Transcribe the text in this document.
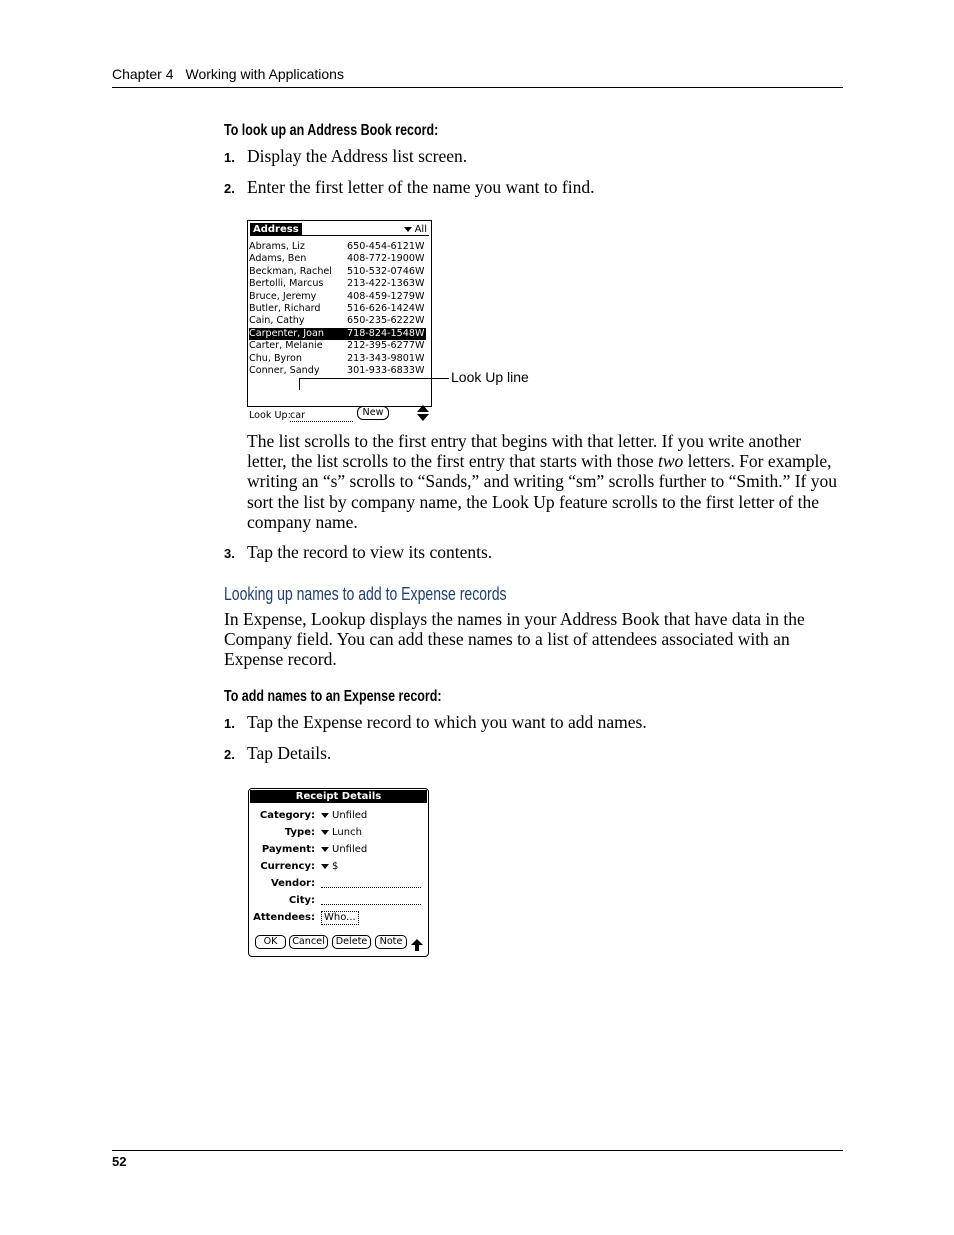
Chapter 4 Working with Applications
To look up an Address Book record:
1. Display the Address list screen.
2. Enter the first letter of the name you want to find.
Address	All
Abrams, Liz	650-454-6121 W
Adams, Ben	408-772-1900 W
Beckman, Rachel 510-532-0746 W
Bertolli, Marcus 213-422-1363 W
Bruce, Jeremy	408-459-1279 W
Butler, Richard	516-626-1424 W
Cain, Cathy	650-235-6222 W
Carpenter, Joan 718-824-1548 W
Carter, Melanie	212-395-6277 W
Chu, Byron	213-343-9801 W
Conner, Sandy	301-933-6833 W
Look Up: car	New
Look Up line
The list scrolls to the first entry that begins with that letter. If you write another letter, the list scrolls to the first entry that starts with those two letters. For example, writing an “s” scrolls to “Sands,” and writing “sm” scrolls further to “Smith.” If you sort the list by company name, the Look Up feature scrolls to the first letter of the company name.
3. Tap the record to view its contents.
Looking up names to add to Expense records
In Expense, Lookup displays the names in your Address Book that have data in the Company field. You can add these names to a list of attendees associated with an Expense record.
To add names to an Expense record:
1. Tap the Expense record to which you want to add names.
2. Tap Details.
Receipt Details
Category:	Unfiled
Type:	Lunch
Payment:	Unfiled
Currency:	$
Vendor:
City:
Attendees: Who...
OK	Cancel	Delete	Note
52
